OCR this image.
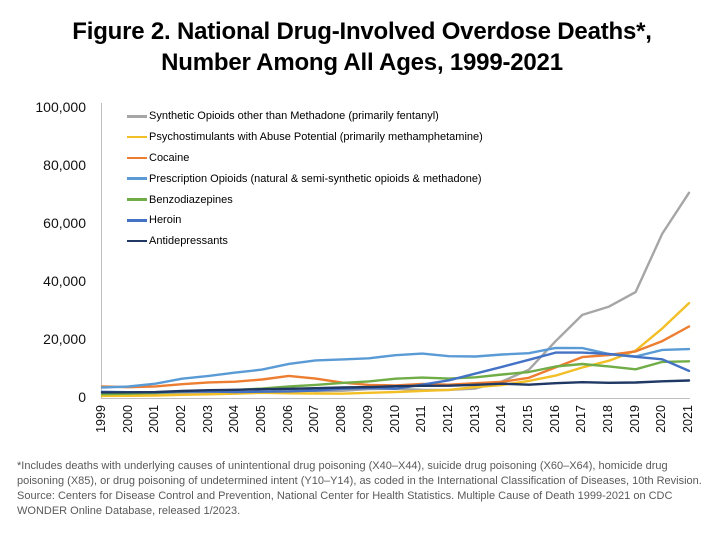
Figure 2. National Drug-Involved Overdose Deaths*,
Number Among All Ages, 1999-2021
0
20,000
40,000
60,000
80,000
100,000
1999 2000 2001 2002 2003 2004 2005 2006 2007 2008 2009 2010 2011 2012 2013 2014 2015 2016 2017 2018 2019 2020 2021
Synthetic Opioids other than Methadone (primarily fentanyl)
Psychostimulants with Abuse Potential (primarily methamphetamine)
Cocaine
Prescription Opioids (natural & semi-synthetic opioids & methadone)
Benzodiazepines
Heroin
Antidepressants
*Includes deaths with underlying causes of unintentional drug poisoning (X40–X44), suicide drug poisoning (X60–X64), homicide drug
poisoning (X85), or drug poisoning of undetermined intent (Y10–Y14), as coded in the International Classification of Diseases, 10th Revision.
Source: Centers for Disease Control and Prevention, National Center for Health Statistics. Multiple Cause of Death 1999-2021 on CDC
WONDER Online Database, released 1/2023.
